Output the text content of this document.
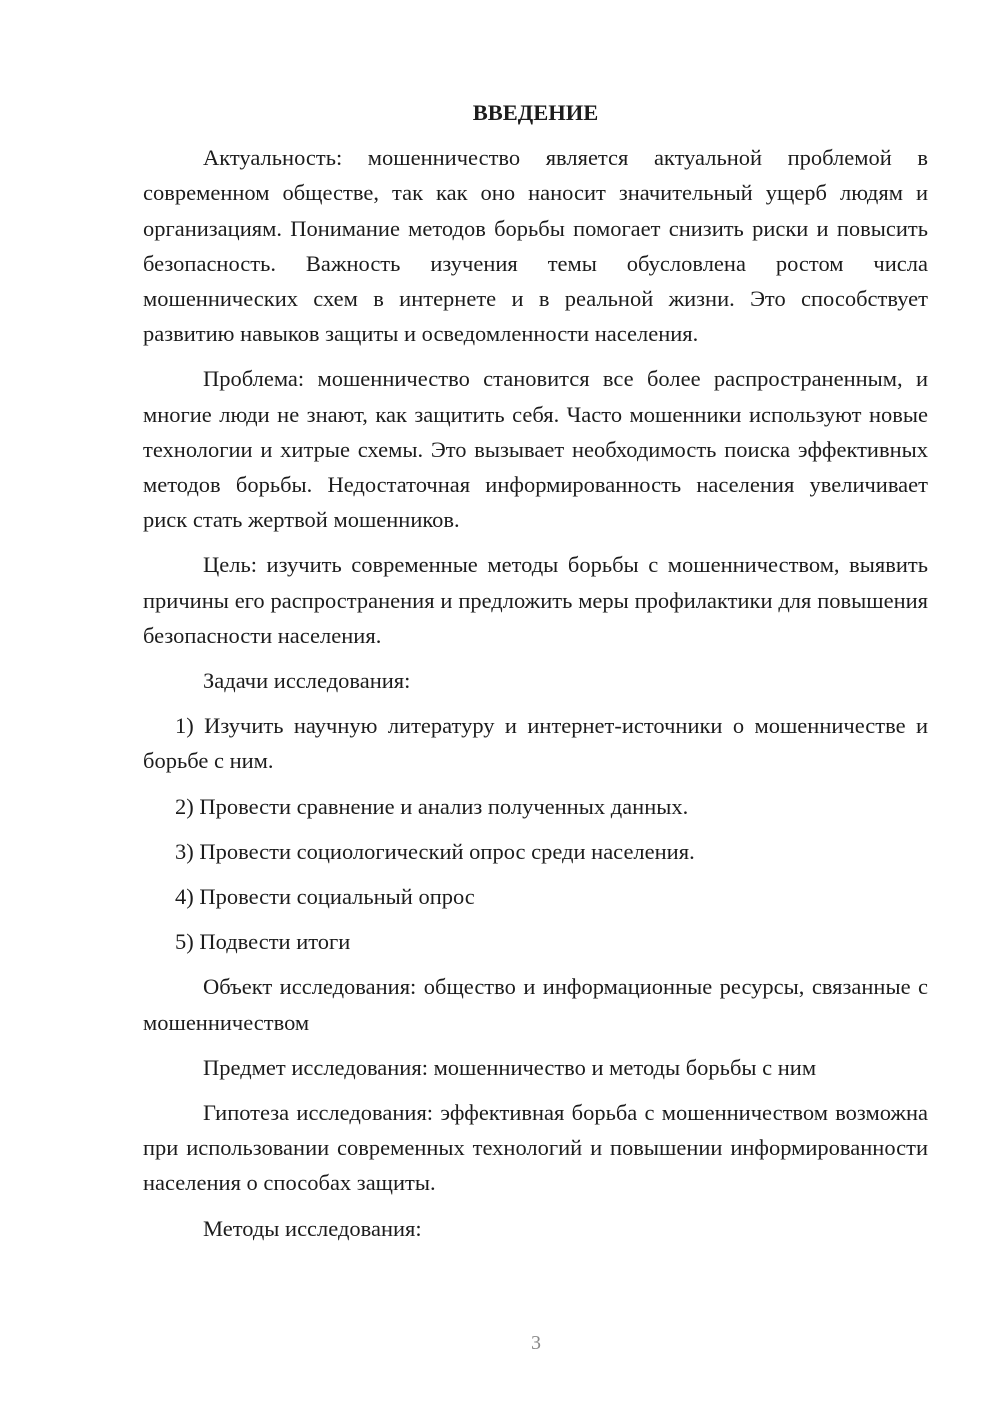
ВВЕДЕНИЕ

Актуальность: мошенничество является актуальной проблемой в современном обществе, так как оно наносит значительный ущерб людям и организациям. Понимание методов борьбы помогает снизить риски и повысить безопасность. Важность изучения темы обусловлена ростом числа мошеннических схем в интернете и в реальной жизни. Это способствует развитию навыков защиты и осведомленности населения.

Проблема: мошенничество становится все более распространенным, и многие люди не знают, как защитить себя. Часто мошенники используют новые технологии и хитрые схемы. Это вызывает необходимость поиска эффективных методов борьбы. Недостаточная информированность населения увеличивает риск стать жертвой мошенников.

Цель: изучить современные методы борьбы с мошенничеством, выявить причины его распространения и предложить меры профилактики для повышения безопасности населения.

Задачи исследования:

1) Изучить научную литературу и интернет-источники о мошенничестве и борьбе с ним.

2) Провести сравнение и анализ полученных данных.

3) Провести социологический опрос среди населения.

4) Провести социальный опрос

5) Подвести итоги

Объект исследования: общество и информационные ресурсы, связанные с мошенничеством

Предмет исследования: мошенничество и методы борьбы с ним

Гипотеза исследования: эффективная борьба с мошенничеством возможна при использовании современных технологий и повышении информированности населения о способах защиты.

Методы исследования:

3
